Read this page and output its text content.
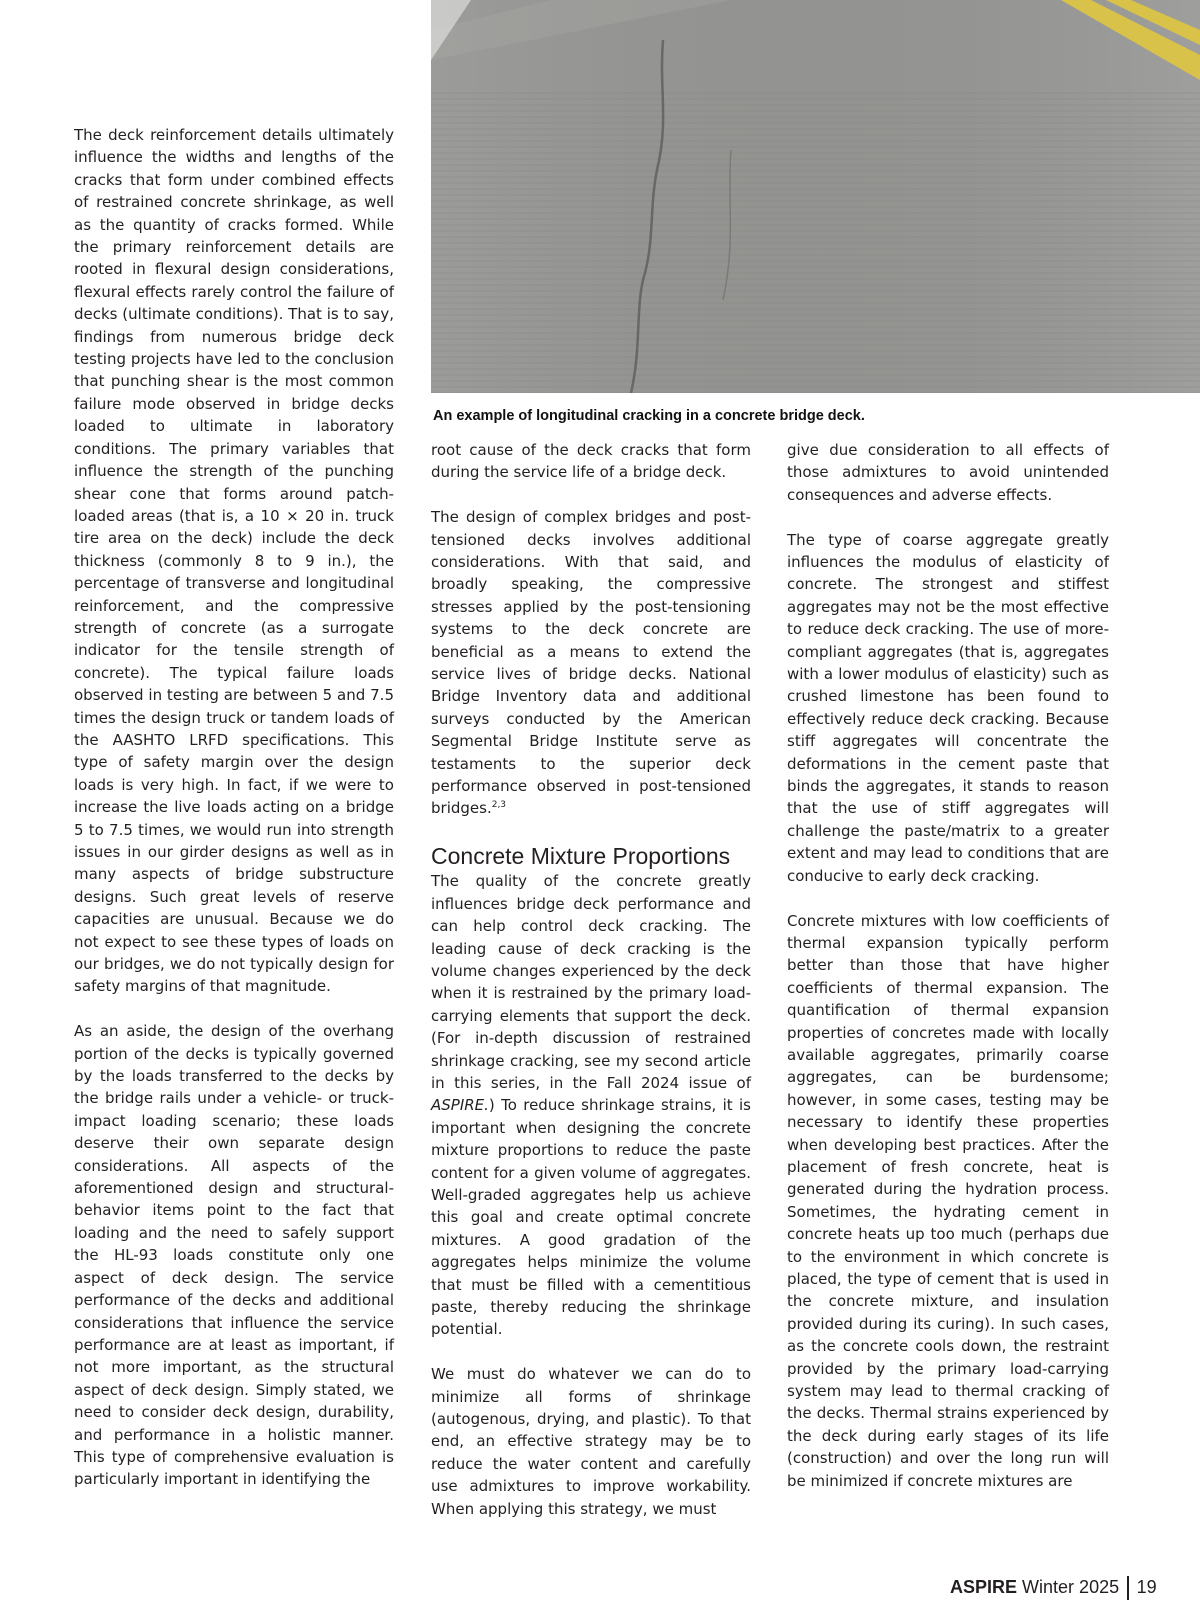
An example of longitudinal cracking in a concrete bridge deck.

The deck reinforcement details ultimately influence the widths and lengths of the cracks that form under combined effects of restrained concrete shrinkage, as well as the quantity of cracks formed. While the primary reinforcement details are rooted in flexural design considerations, flexural effects rarely control the failure of decks (ultimate conditions). That is to say, findings from numerous bridge deck testing projects have led to the conclusion that punching shear is the most common failure mode observed in bridge decks loaded to ultimate in laboratory conditions. The primary variables that influence the strength of the punching shear cone that forms around patch-loaded areas (that is, a 10 × 20 in. truck tire area on the deck) include the deck thickness (commonly 8 to 9 in.), the percentage of transverse and longitudinal reinforcement, and the compressive strength of concrete (as a surrogate indicator for the tensile strength of concrete). The typical failure loads observed in testing are between 5 and 7.5 times the design truck or tandem loads of the AASHTO LRFD specifications. This type of safety margin over the design loads is very high. In fact, if we were to increase the live loads acting on a bridge 5 to 7.5 times, we would run into strength issues in our girder designs as well as in many aspects of bridge substructure designs. Such great levels of reserve capacities are unusual. Because we do not expect to see these types of loads on our bridges, we do not typically design for safety margins of that magnitude.

As an aside, the design of the overhang portion of the decks is typically governed by the loads transferred to the decks by the bridge rails under a vehicle- or truck-impact loading scenario; these loads deserve their own separate design considerations. All aspects of the aforementioned design and structural-behavior items point to the fact that loading and the need to safely support the HL-93 loads constitute only one aspect of deck design. The service performance of the decks and additional considerations that influence the service performance are at least as important, if not more important, as the structural aspect of deck design. Simply stated, we need to consider deck design, durability, and performance in a holistic manner. This type of comprehensive evaluation is particularly important in identifying the

root cause of the deck cracks that form during the service life of a bridge deck.

The design of complex bridges and post-tensioned decks involves additional considerations. With that said, and broadly speaking, the compressive stresses applied by the post-tensioning systems to the deck concrete are beneficial as a means to extend the service lives of bridge decks. National Bridge Inventory data and additional surveys conducted by the American Segmental Bridge Institute serve as testaments to the superior deck performance observed in post-tensioned bridges.$^{2,3}$

Concrete Mixture Proportions

The quality of the concrete greatly influences bridge deck performance and can help control deck cracking. The leading cause of deck cracking is the volume changes experienced by the deck when it is restrained by the primary load-carrying elements that support the deck. (For in-depth discussion of restrained shrinkage cracking, see my second article in this series, in the Fall 2024 issue of ASPIRE.) To reduce shrinkage strains, it is important when designing the concrete mixture proportions to reduce the paste content for a given volume of aggregates. Well-graded aggregates help us achieve this goal and create optimal concrete mixtures. A good gradation of the aggregates helps minimize the volume that must be filled with a cementitious paste, thereby reducing the shrinkage potential.

We must do whatever we can do to minimize all forms of shrinkage (autogenous, drying, and plastic). To that end, an effective strategy may be to reduce the water content and carefully use admixtures to improve workability. When applying this strategy, we must

give due consideration to all effects of those admixtures to avoid unintended consequences and adverse effects.

The type of coarse aggregate greatly influences the modulus of elasticity of concrete. The strongest and stiffest aggregates may not be the most effective to reduce deck cracking. The use of more-compliant aggregates (that is, aggregates with a lower modulus of elasticity) such as crushed limestone has been found to effectively reduce deck cracking. Because stiff aggregates will concentrate the deformations in the cement paste that binds the aggregates, it stands to reason that the use of stiff aggregates will challenge the paste/matrix to a greater extent and may lead to conditions that are conducive to early deck cracking.

Concrete mixtures with low coefficients of thermal expansion typically perform better than those that have higher coefficients of thermal expansion. The quantification of thermal expansion properties of concretes made with locally available aggregates, primarily coarse aggregates, can be burdensome; however, in some cases, testing may be necessary to identify these properties when developing best practices. After the placement of fresh concrete, heat is generated during the hydration process. Sometimes, the hydrating cement in concrete heats up too much (perhaps due to the environment in which concrete is placed, the type of cement that is used in the concrete mixture, and insulation provided during its curing). In such cases, as the concrete cools down, the restraint provided by the primary load-carrying system may lead to thermal cracking of the decks. Thermal strains experienced by the deck during early stages of its life (construction) and over the long run will be minimized if concrete mixtures are

ASPIRE Winter 2025 19
